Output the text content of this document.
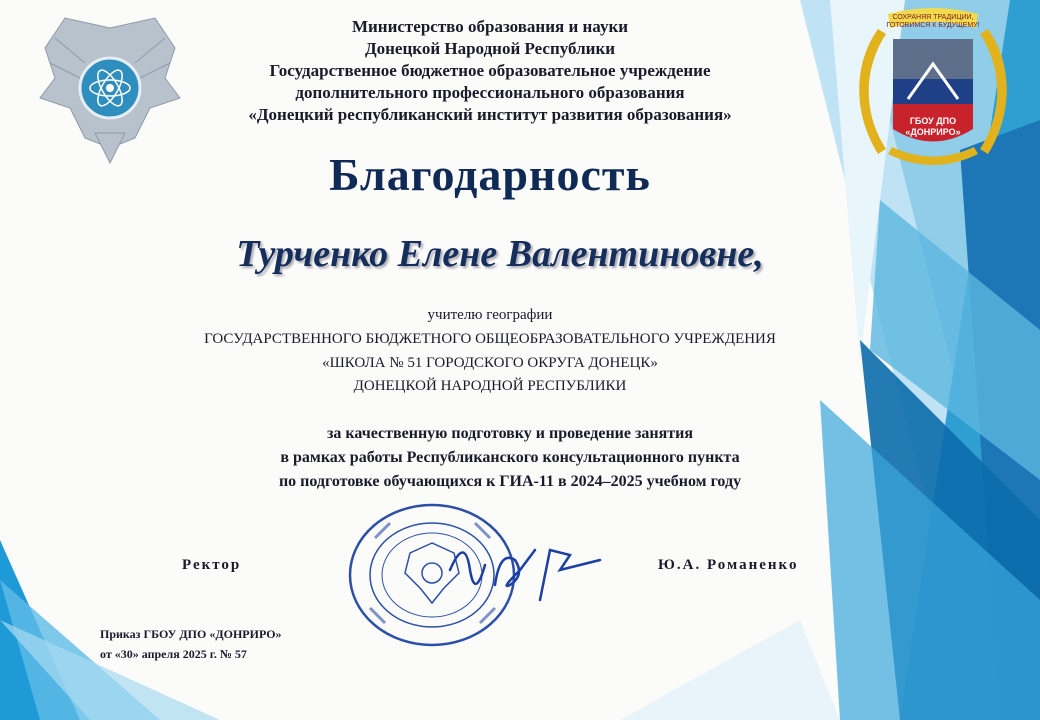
СОХРАНЯЯ ТРАДИЦИИ,
ГОТОВИМСЯ К БУДУЩЕМУ!
ГБОУ ДПО
«ДОНРИРО»
Министерство образования и науки
Донецкой Народной Республики
Государственное бюджетное образовательное учреждение
дополнительного профессионального образования
«Донецкий республиканский институт развития образования»
Благодарность
Турченко Елене Валентиновне,
учителю географии
ГОСУДАРСТВЕННОГО БЮДЖЕТНОГО ОБЩЕОБРАЗОВАТЕЛЬНОГО УЧРЕЖДЕНИЯ
«ШКОЛА № 51 ГОРОДСКОГО ОКРУГА ДОНЕЦК»
ДОНЕЦКОЙ НАРОДНОЙ РЕСПУБЛИКИ
за качественную подготовку и проведение занятия
в рамках работы Республиканского консультационного пункта
по подготовке обучающихся к ГИА-11 в 2024–2025 учебном году
Ректор	Ю.А. Романенко
Приказ ГБОУ ДПО «ДОНРИРО»
от «30» апреля 2025 г. № 57
